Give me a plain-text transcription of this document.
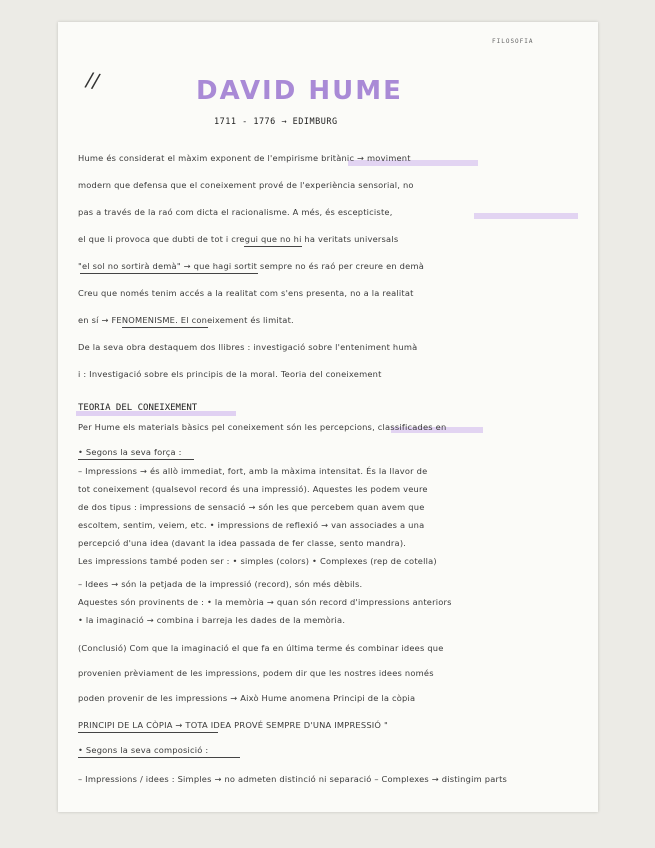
FILOSOFIA
//	DAVID HUME
1711 - 1776 → EDIMBURG
Hume és considerat el màxim exponent de l'empirisme britànic → moviment
modern que defensa que el coneixement prové de l'experiència sensorial, no
pas a través de la raó com dicta el racionalisme. A més, és escepticiste,
el que li provoca que dubti de tot i cregui que no hi ha veritats universals
"el sol no sortirà demà" → que hagi sortit sempre no és raó per creure en demà
Creu que només tenim accés a la realitat com s'ens presenta, no a la realitat
en sí → FENOMENISME. El coneixement és limitat.
De la seva obra destaquem dos llibres : investigació sobre l'enteniment humà
i : Investigació sobre els principis de la moral. Teoria del coneixement
TEORIA DEL CONEIXEMENT
Per Hume els materials bàsics pel coneixement són les percepcions, classificades en
• Segons la seva força :
– Impressions → és allò immediat, fort, amb la màxima intensitat. És la llavor de
tot coneixement (qualsevol record és una impressió). Aquestes les podem veure
de dos tipus : impressions de sensació → són les que percebem quan avem que
escoltem, sentim, veiem, etc. • impressions de reflexió → van associades a una
percepció d'una idea (davant la idea passada de fer classe, sento mandra).
Les impressions també poden ser : • simples (colors) • Complexes (rep de cotella)
– Idees → són la petjada de la impressió (record), són més dèbils.
Aquestes són provinents de : • la memòria → quan són record d'impressions anteriors
• la imaginació → combina i barreja les dades de la memòria.
(Conclusió) Com que la imaginació el que fa en última terme és combinar idees que
provenien prèviament de les impressions, podem dir que les nostres idees només
poden provenir de les impressions → Això Hume anomena Principi de la còpia
PRINCIPI DE LA CÒPIA → TOTA IDEA PROVÉ SEMPRE D'UNA IMPRESSIÓ "
• Segons la seva composició :
– Impressions / idees : Simples → no admeten distinció ni separació – Complexes → distingim parts
